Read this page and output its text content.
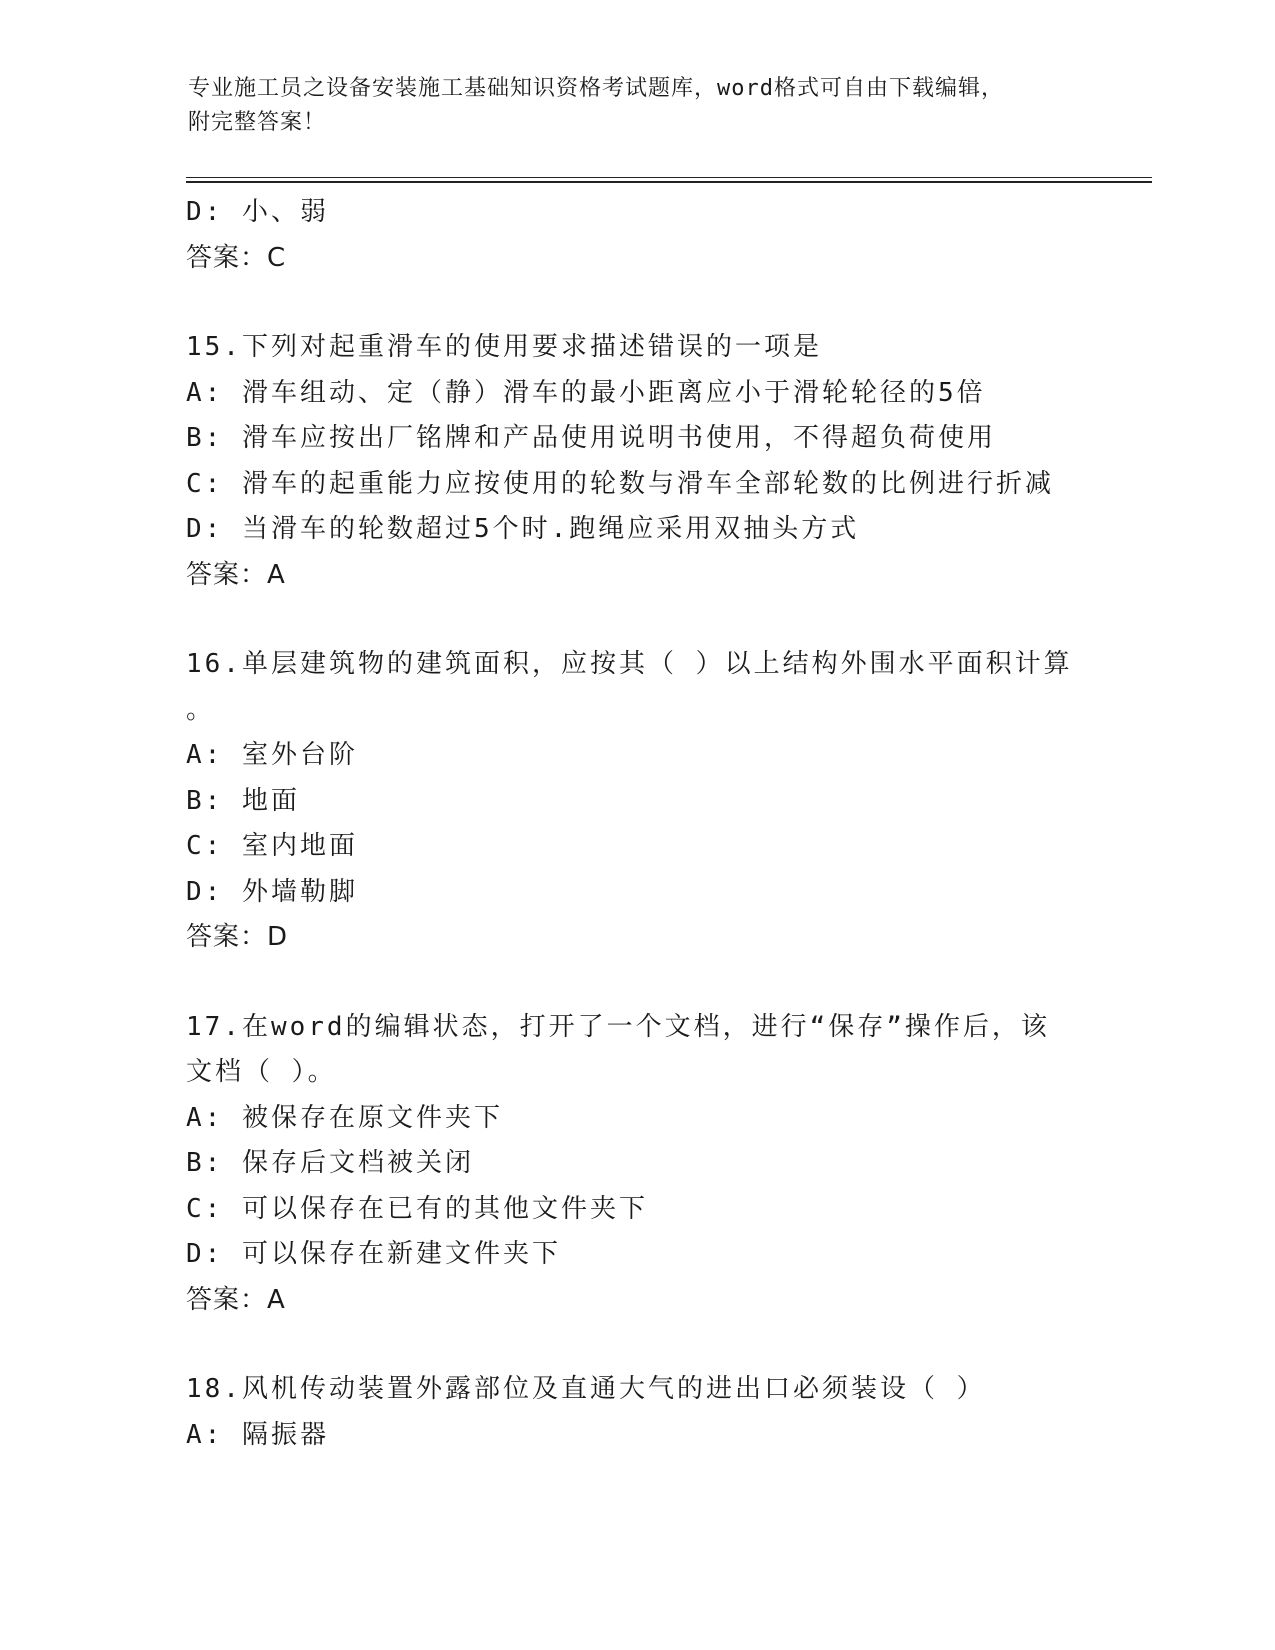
专业施工员之设备安装施工基础知识资格考试题库，word格式可自由下载编辑，
附完整答案！
D: 小、弱
答案：C
15.下列对起重滑车的使用要求描述错误的一项是
A: 滑车组动、定（静）滑车的最小距离应小于滑轮轮径的5倍
B: 滑车应按出厂铭牌和产品使用说明书使用，不得超负荷使用
C: 滑车的起重能力应按使用的轮数与滑车全部轮数的比例进行折减
D: 当滑车的轮数超过5个时.跑绳应采用双抽头方式
答案：A
16.单层建筑物的建筑面积，应按其（ ）以上结构外围水平面积计算
。
A: 室外台阶
B: 地面
C: 室内地面
D: 外墙勒脚
答案：D
17.在word的编辑状态，打开了一个文档，进行“保存”操作后，该
文档（ ）。
A: 被保存在原文件夹下
B: 保存后文档被关闭
C: 可以保存在已有的其他文件夹下
D: 可以保存在新建文件夹下
答案：A
18.风机传动装置外露部位及直通大气的进出口必须装设（ ）
A: 隔振器
